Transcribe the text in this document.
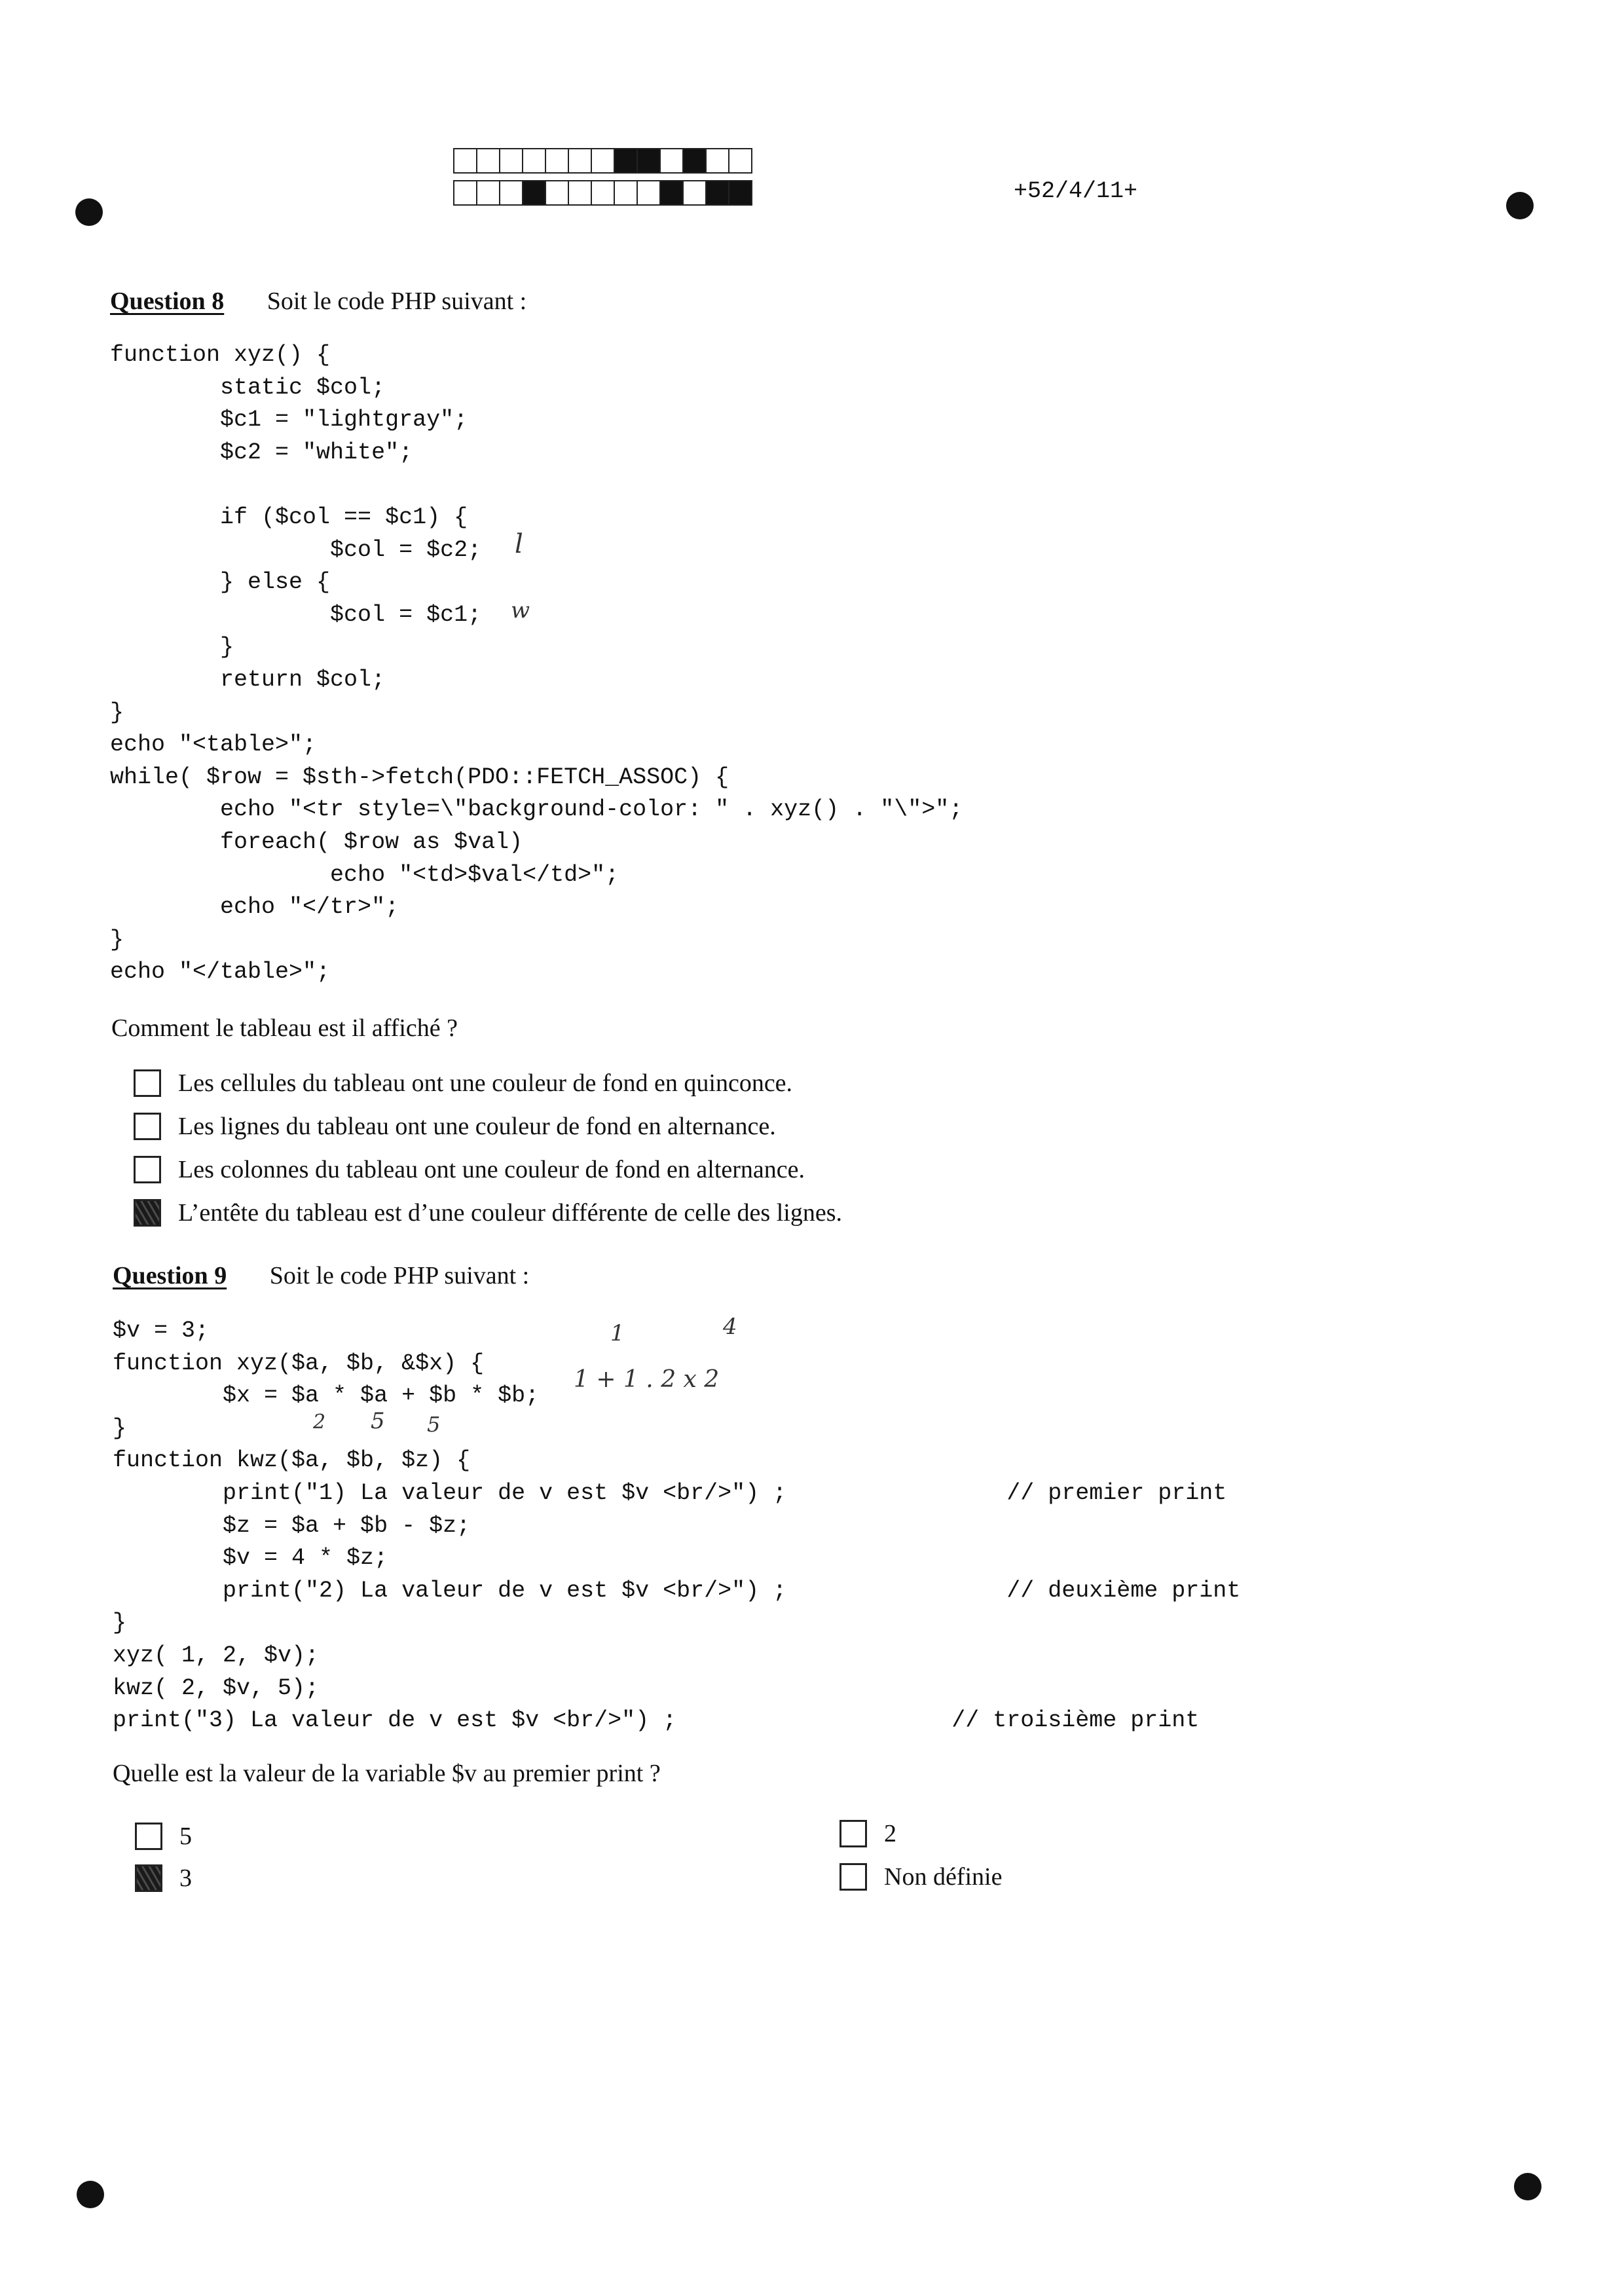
+52/4/11+
Question 8 Soit le code PHP suivant :
function xyz() {
static $col;
$c1 = "lightgray";
$c2 = "white";

if ($col == $c1) {
$col = $c2;
} else {
$col = $c1;
}
return $col;
}
echo "<table>";
while( $row = $sth->fetch(PDO::FETCH_ASSOC) {
echo "<tr style=\"background-color: " . xyz() . "\">";
foreach( $row as $val)
echo "<td>$val</td>";
echo "</tr>";
}
echo "</table>";
l
w
Comment le tableau est il affiché ?
Les cellules du tableau ont une couleur de fond en quinconce.
Les lignes du tableau ont une couleur de fond en alternance.
Les colonnes du tableau ont une couleur de fond en alternance.
L’entête du tableau est d’une couleur différente de celle des lignes.
Question 9 Soit le code PHP suivant :
$v = 3;
function xyz($a, $b, &$x) {
$x = $a * $a + $b * $b;
}
function kwz($a, $b, $z) {
print("1) La valeur de v est $v <br/>") ;                // premier print
$z = $a + $b - $z;
$v = 4 * $z;
print("2) La valeur de v est $v <br/>") ;                // deuxième print
}
xyz( 1, 2, $v);
kwz( 2, $v, 5);
print("3) La valeur de v est $v <br/>") ;                    // troisième print
1	4
1 + 1 . 2 x 2
2 5 5
Quelle est la valeur de la variable $v au premier print ?
5
3
2
Non définie
